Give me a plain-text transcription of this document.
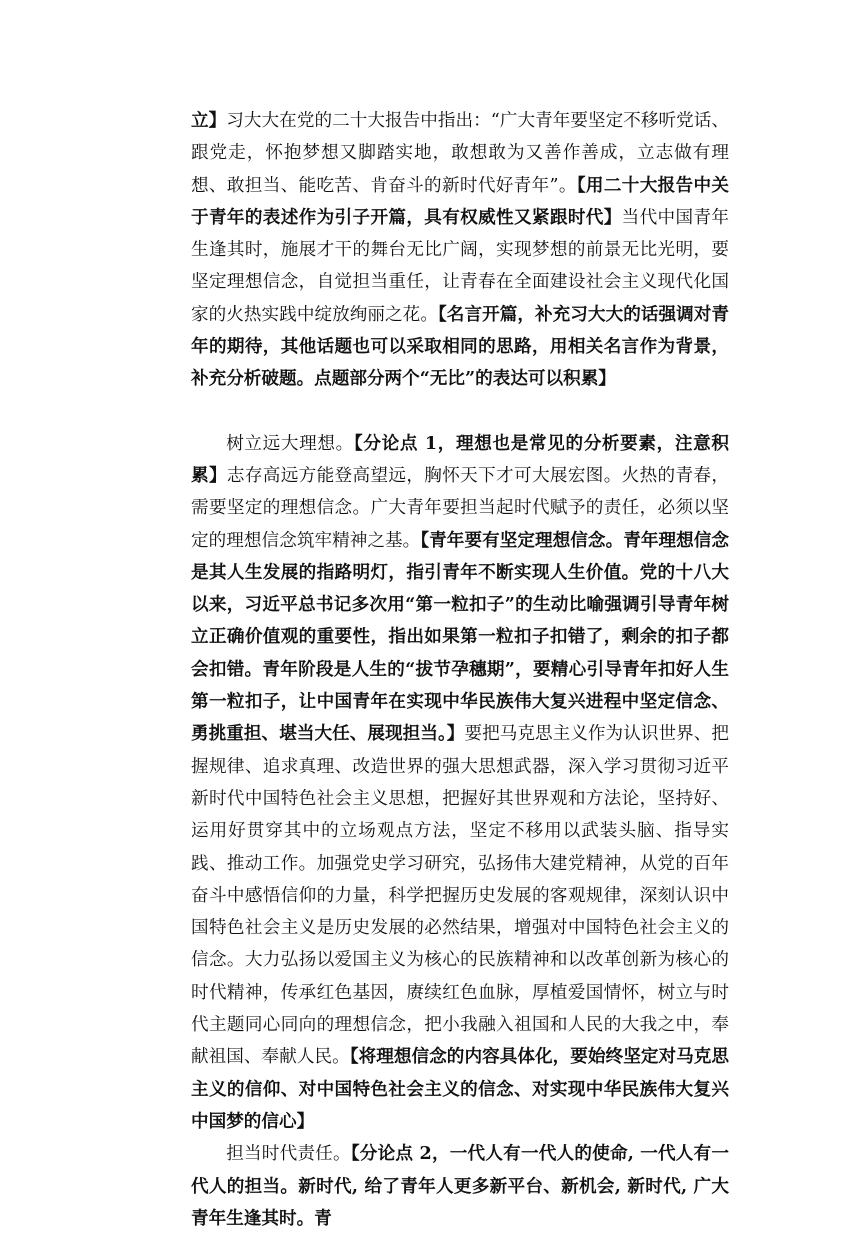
立】习大大在党的二十大报告中指出：“广大青年要坚定不移听党话、跟党走，怀抱梦想又脚踏实地，敢想敢为又善作善成，立志做有理想、敢担当、能吃苦、肯奋斗的新时代好青年”。【用二十大报告中关于青年的表述作为引子开篇，具有权威性又紧跟时代】当代中国青年生逢其时，施展才干的舞台无比广阔，实现梦想的前景无比光明，要坚定理想信念，自觉担当重任，让青春在全面建设社会主义现代化国家的火热实践中绽放绚丽之花。【名言开篇，补充习大大的话强调对青年的期待，其他话题也可以采取相同的思路，用相关名言作为背景，补充分析破题。点题部分两个“无比”的表达可以积累】

树立远大理想。【分论点 1，理想也是常见的分析要素，注意积累】志存高远方能登高望远，胸怀天下才可大展宏图。火热的青春，需要坚定的理想信念。广大青年要担当起时代赋予的责任，必须以坚定的理想信念筑牢精神之基。【青年要有坚定理想信念。青年理想信念是其人生发展的指路明灯，指引青年不断实现人生价值。党的十八大以来，习近平总书记多次用“第一粒扣子”的生动比喻强调引导青年树立正确价值观的重要性，指出如果第一粒扣子扣错了，剩余的扣子都会扣错。青年阶段是人生的“拔节孕穗期”，要精心引导青年扣好人生第一粒扣子，让中国青年在实现中华民族伟大复兴进程中坚定信念、勇挑重担、堪当大任、展现担当。】要把马克思主义作为认识世界、把握规律、追求真理、改造世界的强大思想武器，深入学习贯彻习近平新时代中国特色社会主义思想，把握好其世界观和方法论，坚持好、运用好贯穿其中的立场观点方法，坚定不移用以武装头脑、指导实践、推动工作。加强党史学习研究，弘扬伟大建党精神，从党的百年奋斗中感悟信仰的力量，科学把握历史发展的客观规律，深刻认识中国特色社会主义是历史发展的必然结果，增强对中国特色社会主义的信念。大力弘扬以爱国主义为核心的民族精神和以改革创新为核心的时代精神，传承红色基因，赓续红色血脉，厚植爱国情怀，树立与时代主题同心同向的理想信念，把小我融入祖国和人民的大我之中，奉献祖国、奉献人民。【将理想信念的内容具体化，要始终坚定对马克思主义的信仰、对中国特色社会主义的信念、对实现中华民族伟大复兴中国梦的信心】

担当时代责任。【分论点 2，一代人有一代人的使命, 一代人有一代人的担当。新时代, 给了青年人更多新平台、新机会, 新时代, 广大青年生逢其时。青
